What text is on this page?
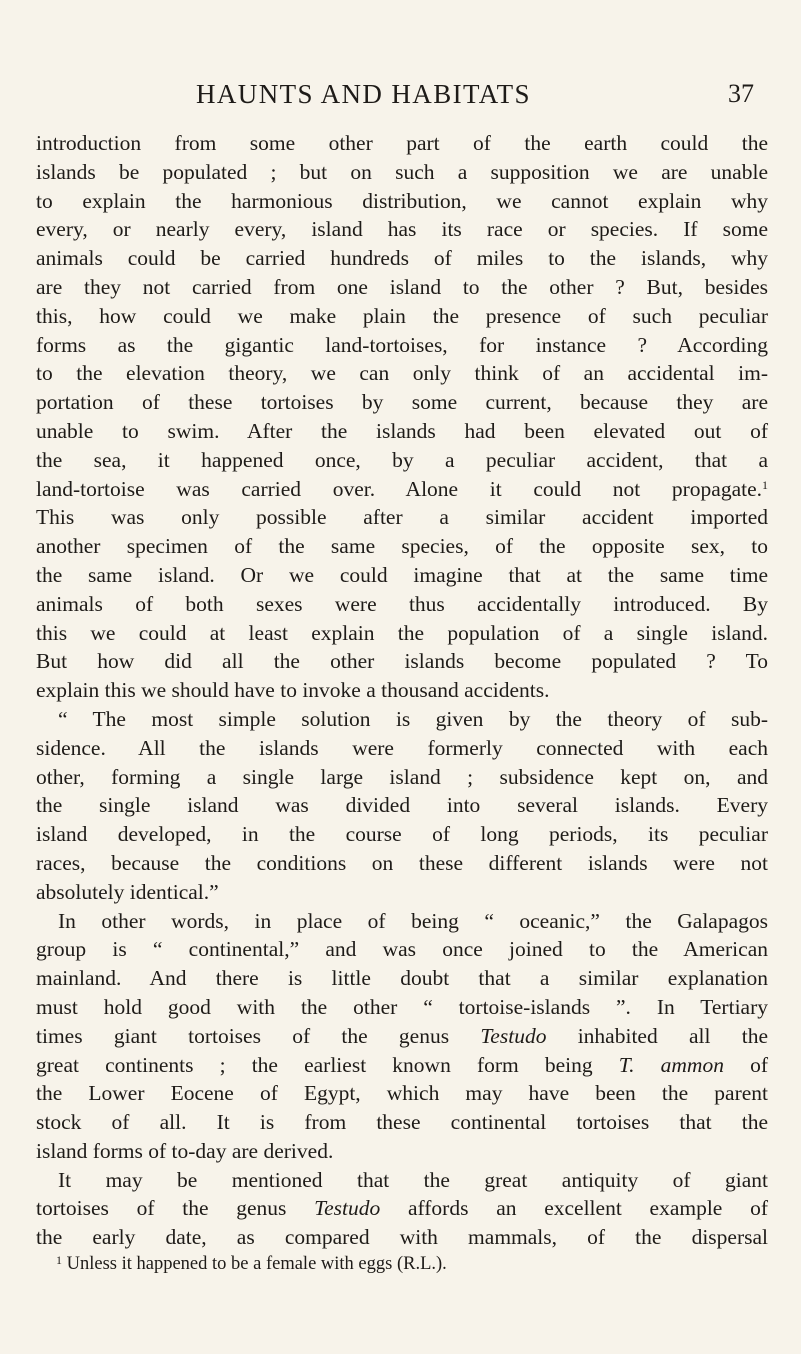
HAUNTS AND HABITATS	37
introduction from some other part of the earth could the
islands be populated ; but on such a supposition we are unable
to explain the harmonious distribution, we cannot explain why
every, or nearly every, island has its race or species. If some
animals could be carried hundreds of miles to the islands, why
are they not carried from one island to the other ? But, besides
this, how could we make plain the presence of such peculiar
forms as the gigantic land-tortoises, for instance ? According
to the elevation theory, we can only think of an accidental im-
portation of these tortoises by some current, because they are
unable to swim. After the islands had been elevated out of
the sea, it happened once, by a peculiar accident, that a
land-tortoise was carried over. Alone it could not propagate.$^1$
This was only possible after a similar accident imported
another specimen of the same species, of the opposite sex, to
the same island. Or we could imagine that at the same time
animals of both sexes were thus accidentally introduced. By
this we could at least explain the population of a single island.
But how did all the other islands become populated ? To
explain this we should have to invoke a thousand accidents.
“ The most simple solution is given by the theory of sub-
sidence. All the islands were formerly connected with each
other, forming a single large island ; subsidence kept on, and
the single island was divided into several islands. Every
island developed, in the course of long periods, its peculiar
races, because the conditions on these different islands were not
absolutely identical.”
In other words, in place of being “ oceanic,” the Galapagos
group is “ continental,” and was once joined to the American
mainland. And there is little doubt that a similar explanation
must hold good with the other “ tortoise-islands ”. In Tertiary
times giant tortoises of the genus Testudo inhabited all the
great continents ; the earliest known form being T. ammon of
the Lower Eocene of Egypt, which may have been the parent
stock of all. It is from these continental tortoises that the
island forms of to-day are derived.
It may be mentioned that the great antiquity of giant
tortoises of the genus Testudo affords an excellent example of
the early date, as compared with mammals, of the dispersal
$^1$ Unless it happened to be a female with eggs (R.L.).
